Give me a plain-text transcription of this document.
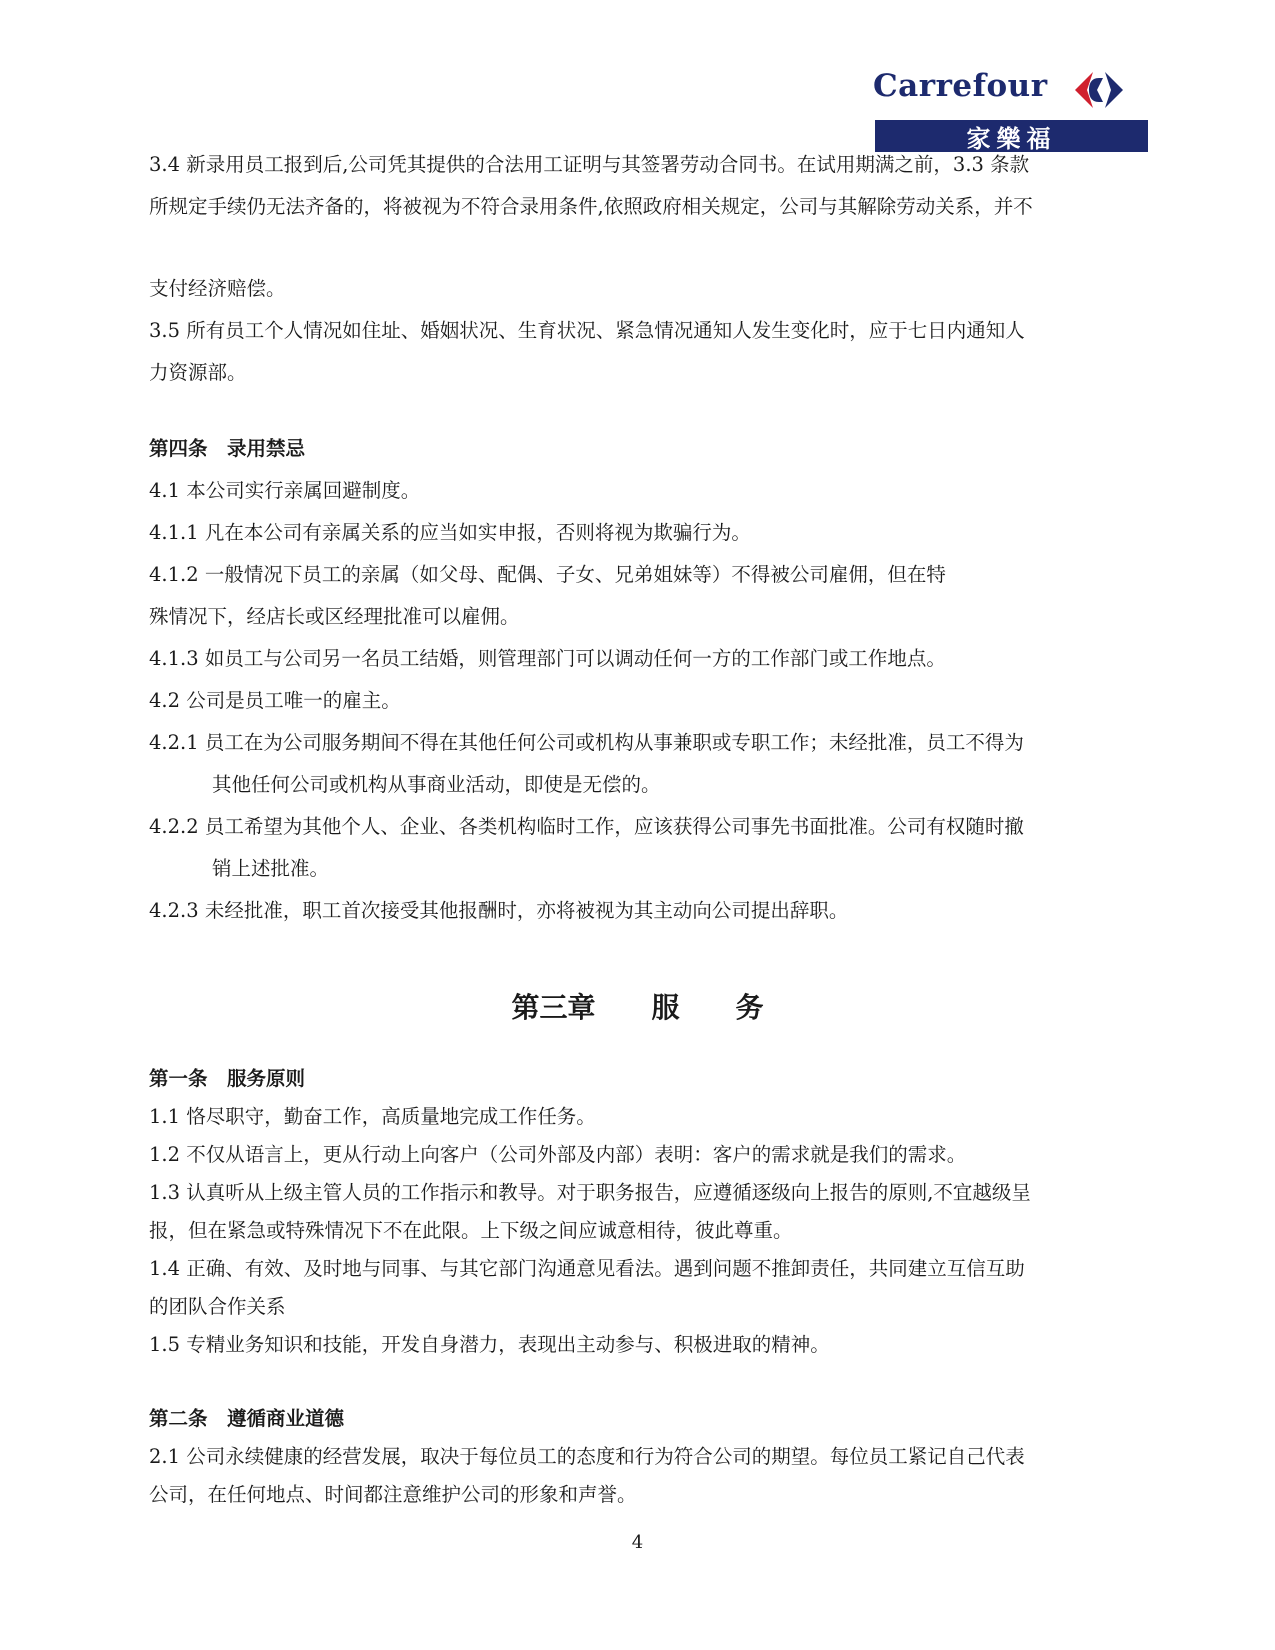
Carrefour
家樂福

3.4 新录用员工报到后,公司凭其提供的合法用工证明与其签署劳动合同书。在试用期满之前，3.3 条款

所规定手续仍无法齐备的，将被视为不符合录用条件,依照政府相关规定，公司与其解除劳动关系，并不

支付经济赔偿。

3.5 所有员工个人情况如住址、婚姻状况、生育状况、紧急情况通知人发生变化时，应于七日内通知人

力资源部。

第四条　录用禁忌

4.1 本公司实行亲属回避制度。

4.1.1 凡在本公司有亲属关系的应当如实申报，否则将视为欺骗行为。

4.1.2 一般情况下员工的亲属（如父母、配偶、子女、兄弟姐妹等）不得被公司雇佣，但在特

殊情况下，经店长或区经理批准可以雇佣。

4.1.3 如员工与公司另一名员工结婚，则管理部门可以调动任何一方的工作部门或工作地点。

4.2 公司是员工唯一的雇主。

4.2.1 员工在为公司服务期间不得在其他任何公司或机构从事兼职或专职工作；未经批准，员工不得为

其他任何公司或机构从事商业活动，即使是无偿的。

4.2.2 员工希望为其他个人、企业、各类机构临时工作，应该获得公司事先书面批准。公司有权随时撤

销上述批准。

4.2.3 未经批准，职工首次接受其他报酬时，亦将被视为其主动向公司提出辞职。

第三章　　服　　务

第一条　服务原则

1.1 恪尽职守，勤奋工作，高质量地完成工作任务。

1.2 不仅从语言上，更从行动上向客户（公司外部及内部）表明：客户的需求就是我们的需求。

1.3 认真听从上级主管人员的工作指示和教导。对于职务报告，应遵循逐级向上报告的原则,不宜越级呈

报，但在紧急或特殊情况下不在此限。上下级之间应诚意相待，彼此尊重。

1.4 正确、有效、及时地与同事、与其它部门沟通意见看法。遇到问题不推卸责任，共同建立互信互助

的团队合作关系

1.5 专精业务知识和技能，开发自身潜力，表现出主动参与、积极进取的精神。

第二条　遵循商业道德

2.1 公司永续健康的经营发展，取决于每位员工的态度和行为符合公司的期望。每位员工紧记自己代表

公司，在任何地点、时间都注意维护公司的形象和声誉。

4
